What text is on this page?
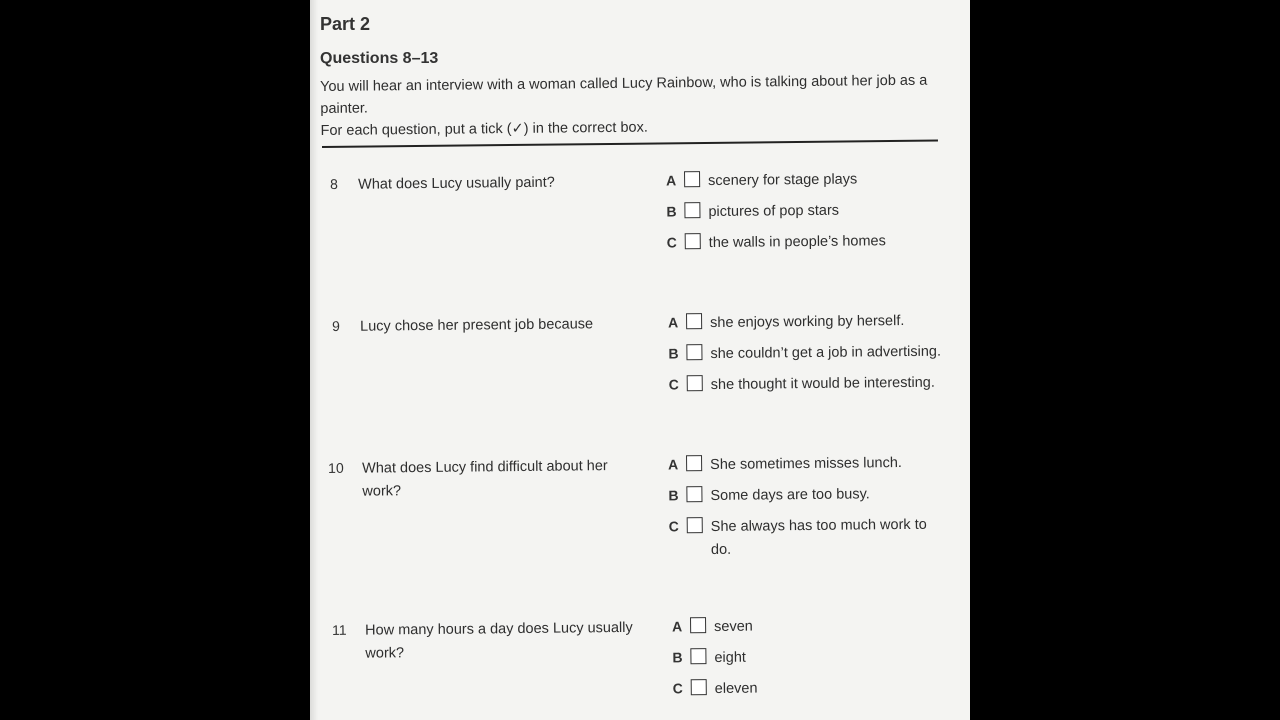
Part 2
Questions 8–13

You will hear an interview with a woman called Lucy Rainbow, who is talking about her job as a painter.

For each question, put a tick (✓) in the correct box.

8 What does Lucy usually paint?	A scenery for stage plays
B pictures of pop stars
C the walls in people’s homes
9 Lucy chose her present job because	A she enjoys working by herself.
B she couldn’t get a job in advertising.
C she thought it would be interesting.
10 What does Lucy find difficult about her work?
A She sometimes misses lunch.
B Some days are too busy.
C She always has too much work to do.
11 How many hours a day does Lucy usually work?
A seven
B eight
C eleven
